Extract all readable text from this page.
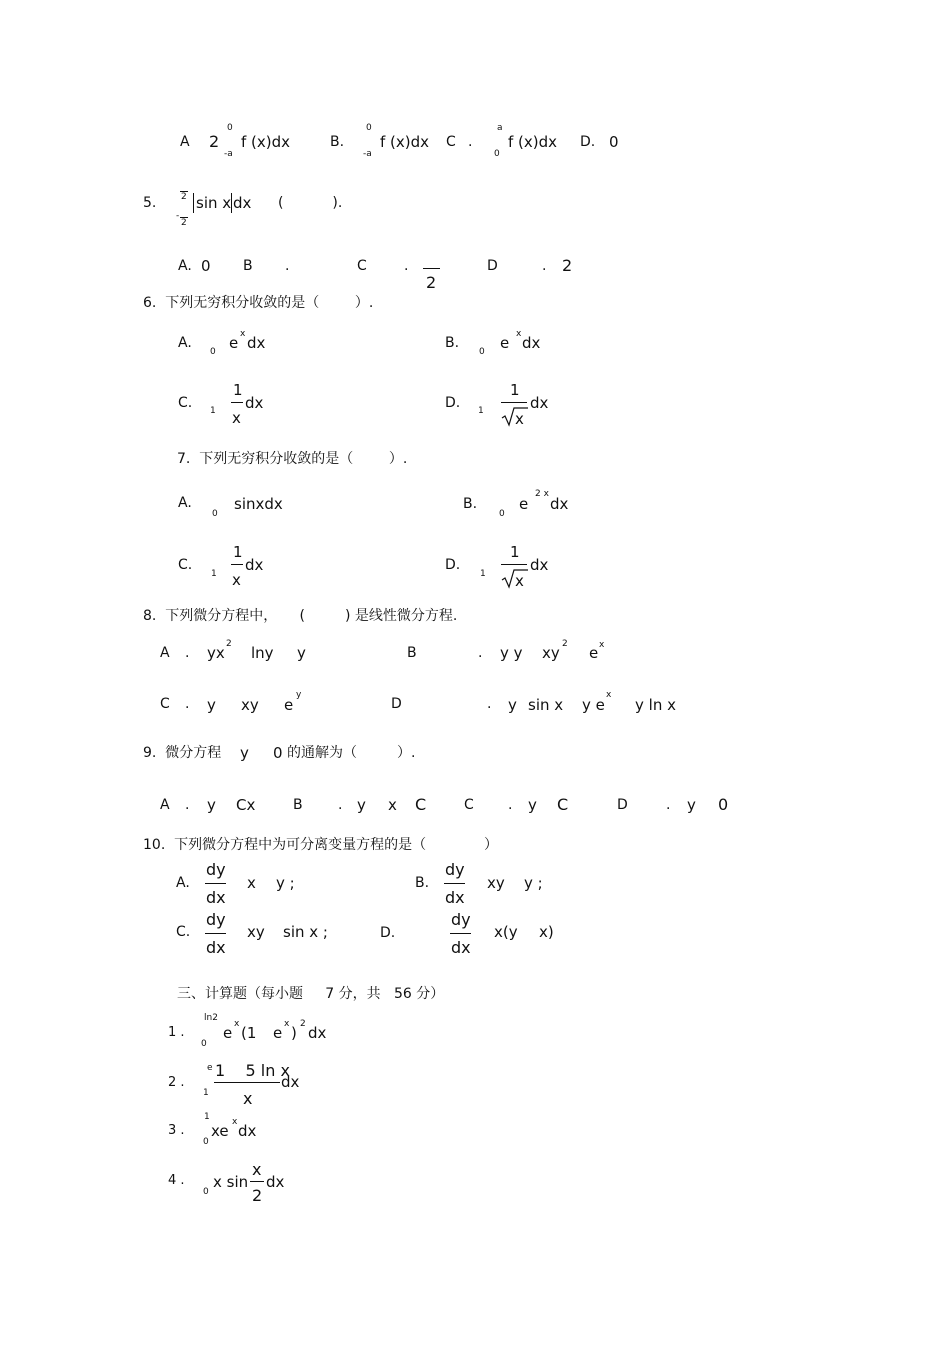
A 2
0
-a
f (x)dx	B.
0
-a
f (x)dx C .
a
0
f (x)dx D. 0
5.	2
-
2
sin x dx (           ).
A. 0 B .	C	.
2
D	. 2
6.  下列无穷积分收敛的是（        ）.
A.
0 e x dx	B.
0 e x dx
C. 1
1
x
dx	D. 1
1
x
dx
7.  下列无穷积分收敛的是（        ）.
A.
0
sinxdx	B.
0
e
2 x
dx
C.
1
1
x
dx	D.
1
1
x
dx
8.  下列微分方程中，     (         ) 是线性微分方程.
A . yx 2 lny y	B	. y y xy 2 e x
C . y xy e
y
D	. y sin x y e
x
y ln x
9.  微分方程 y 0 的通解为（         ）.
A . y Cx	B	. y x C	C . y C	D	. y 0
10.  下列微分方程中为可分离变量方程的是（             ）
A.
dy
dx
x y ;	B.
dy
dx
xy y ;
C.
dy
dx
xy sin x ;	D.
dy
dx
x(y x)
三、计算题（每小题     7 分，共   56 分）
1 .
ln2
0
e x (1 e x ) 2 dx
2 .
e
1
1    5 ln x
x
dx
3 .
1
0
xe x dx
4 .
0
x sin
x
2
dx
